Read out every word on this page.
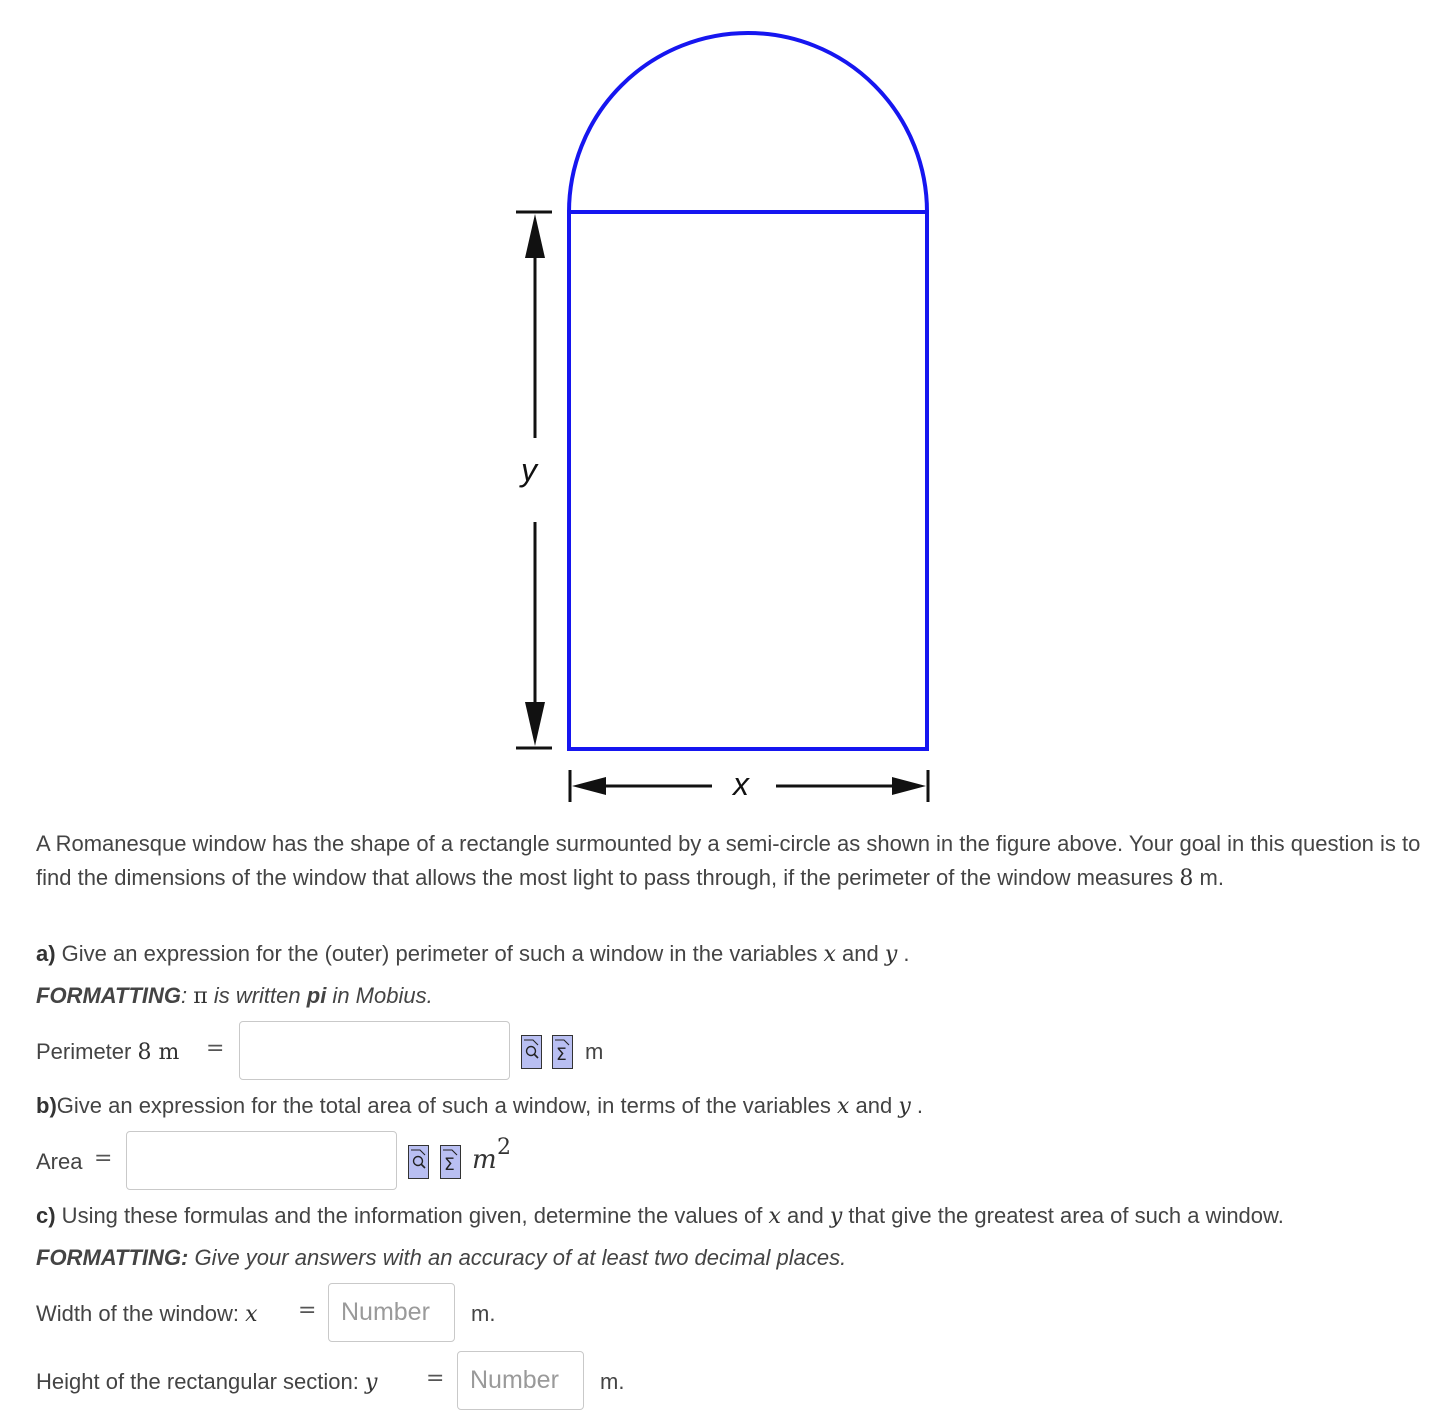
y
x
A Romanesque window has the shape of a rectangle surmounted by a semi-circle as shown in the figure above. Your goal in this question is to find the dimensions of the window that allows the most light to pass through, if the perimeter of the window measures 8 m.
a) Give an expression for the (outer) perimeter of such a window in the variables x and y .
FORMATTING: π is written pi in Mobius.
Perimeter 8 m =	Σ m
b)Give an expression for the total area of such a window, in terms of the variables x and y .
Area =	Σ m 2
c) Using these formulas and the information given, determine the values of x and y that give the greatest area of such a window.
FORMATTING: Give your answers with an accuracy of at least two decimal places.
Width of the window: x = Number	m.
Height of the rectangular section: y =	Number	m.
